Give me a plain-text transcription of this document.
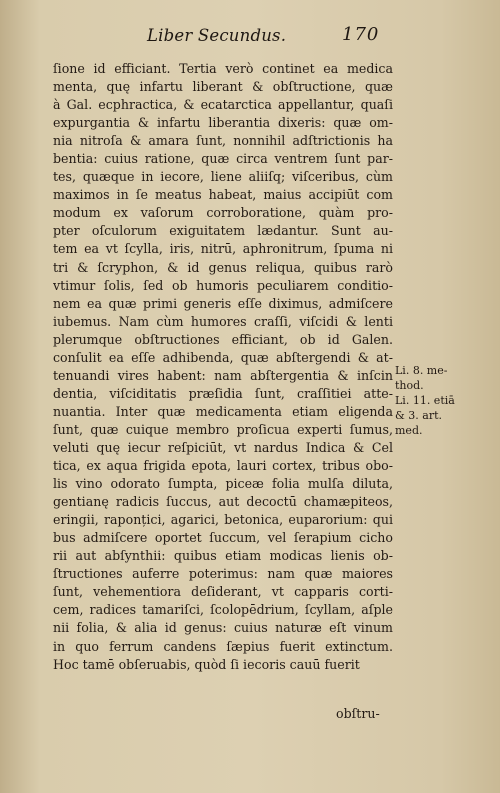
Liber Secundus.	170
ſione id efficiant. Tertia verò continet ea medica
menta, quę infartu liberant & obſtructione, quæ
à Gal. ecphractica, & ecatarctica appellantur, quaſi
expurgantia & infartu liberantia dixeris: quæ om-
nia nitroſa & amara ſunt, nonnihil adſtrictionis ha
bentia: cuius ratione, quæ circa ventrem ſunt par-
tes, quæque in iecore, liene aliiſq; viſceribus, cùm
maximos in ſe meatus habeat, maius accipiūt com
modum ex vaſorum corroboratione, quàm pro-
pter oſculorum exiguitatem lædantur. Sunt au-
tem ea vt ſcylla, iris, nitrū, aphronitrum, ſpuma ni
tri & ſcryphon, & id genus reliqua, quibus rarò
vtimur ſolis, ſed ob humoris peculiarem conditio-
nem ea quæ primi generis eſſe diximus, admiſcere
iubemus. Nam cùm humores craſſi, viſcidi & lenti
plerumque obſtructiones efficiant, ob id Galen.
conſulit ea eſſe adhibenda, quæ abſtergendi & at-
tenuandi vires habent: nam abſtergentia & inſcin
dentia, viſciditatis præſidia ſunt, craſſitiei atte-
nuantia. Inter quæ medicamenta etiam eligenda
ſunt, quæ cuique membro proſicua experti ſumus,
veluti quę iecur reſpiciūt, vt nardus Indica & Cel
tica, ex aqua frigida epota, lauri cortex, tribus obo-
lis vino odorato ſumpta, piceæ folia mulſa diluta,
gentianę radicis ſuccus, aut decoctū chamæpiteos,
eringii, raponțici, agarici, betonica, euparorium: qui
bus admiſcere oportet ſuccum, vel ſerapium cicho
rii aut abſynthii: quibus etiam modicas lienis ob-
ſtructiones auferre poterimus: nam quæ maiores
ſunt, vehementiora deſiderant, vt capparis corti-
cem, radices tamariſci, ſcolopēdrium, ſcyllam, aſple
nii folia, & alia id genus: cuius naturæ eſt vinum
in quo ferrum candens ſæpius fuerit extinctum.
Hoc tamē obſeruabis, quòd ſi iecoris cauū fuerit
obſtru-
Li. 8. me-
thod.
Li. 11. etiā
& 3. art.
med.
